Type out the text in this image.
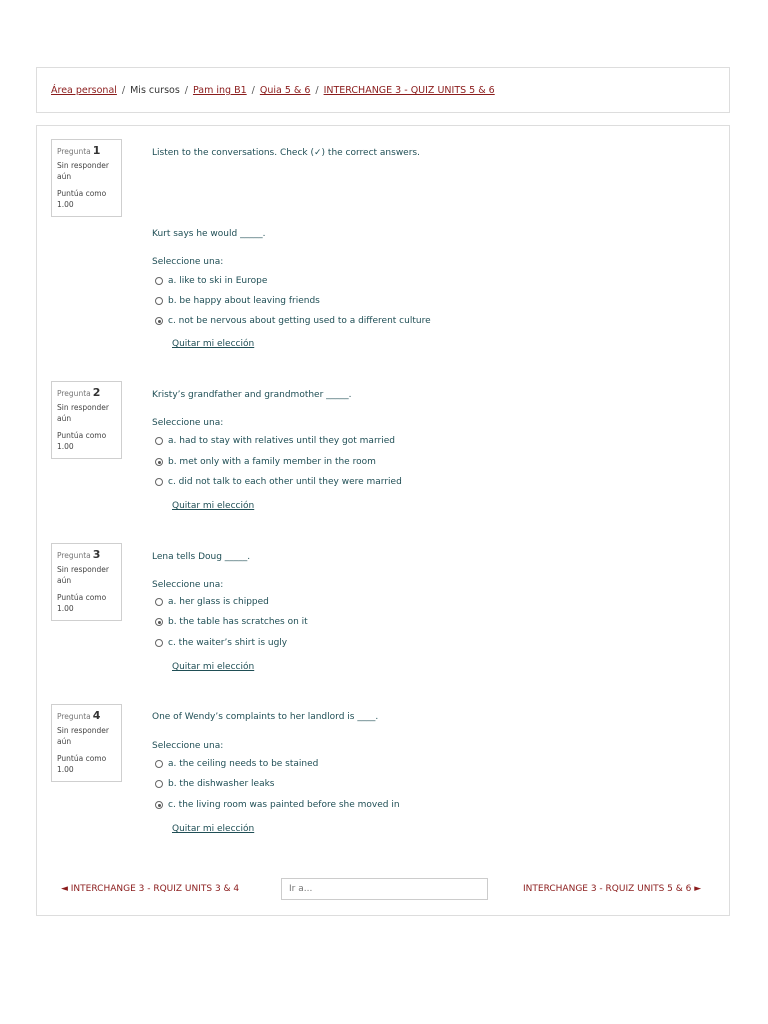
Área personal / Mis cursos / Pam ing B1 / Quia 5 & 6 / INTERCHANGE 3 - QUIZ UNITS 5 & 6
Pregunta 1
Sin responder aún
Puntúa como 1.00
Listen to the conversations. Check (✓) the correct answers.
Kurt says he would _____.
Seleccione una:
a. like to ski in Europe
b. be happy about leaving friends
c. not be nervous about getting used to a different culture
Quitar mi elección
Pregunta 2
Sin responder aún
Puntúa como 1.00
Kristy’s grandfather and grandmother _____.
Seleccione una:
a. had to stay with relatives until they got married
b. met only with a family member in the room
c. did not talk to each other until they were married
Quitar mi elección
Pregunta 3
Sin responder aún
Puntúa como 1.00
Lena tells Doug _____.
Seleccione una:
a. her glass is chipped
b. the table has scratches on it
c. the waiter’s shirt is ugly
Quitar mi elección
Pregunta 4
Sin responder aún
Puntúa como 1.00
One of Wendy’s complaints to her landlord is ____.
Seleccione una:
a. the ceiling needs to be stained
b. the dishwasher leaks
c. the living room was painted before she moved in
Quitar mi elección
◄ INTERCHANGE 3 - RQUIZ UNITS 3 & 4
Ir a...	INTERCHANGE 3 - RQUIZ UNITS 5 & 6 ►
